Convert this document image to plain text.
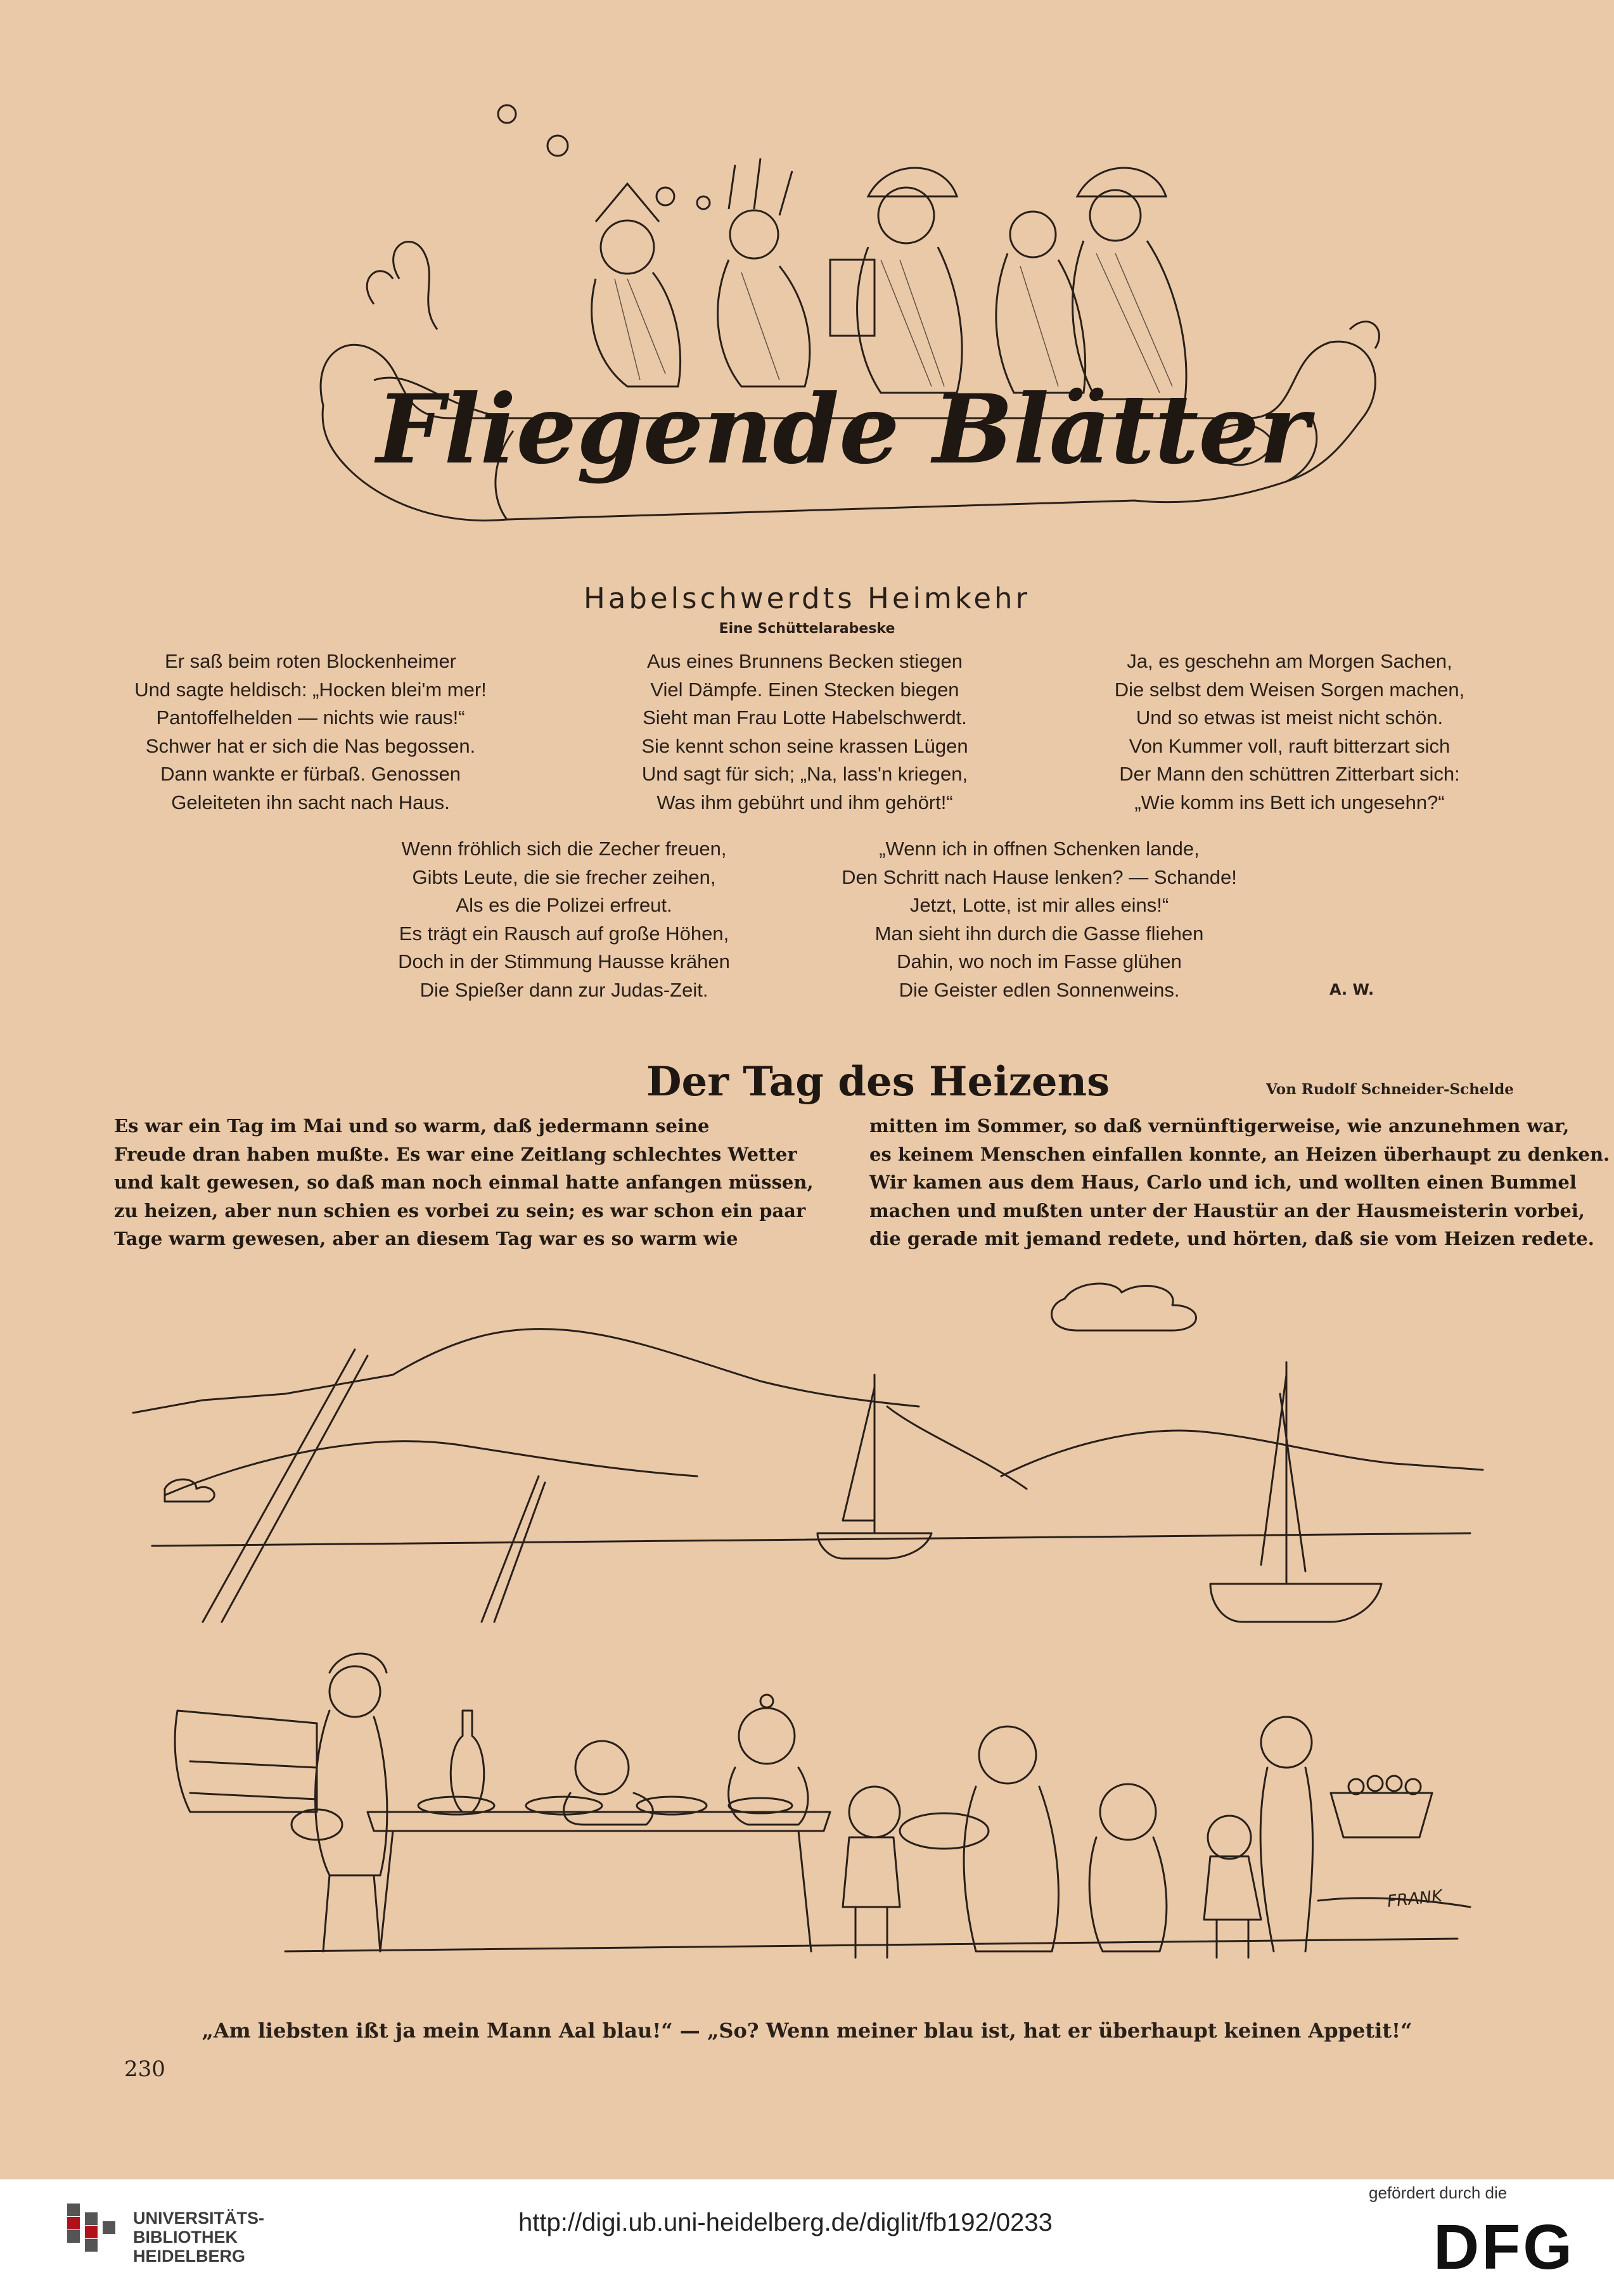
Fliegende Blätter
Habelschwerdts Heimkehr
Eine Schüttelarabeske
Er saß beim roten Blockenheimer
Und sagte heldisch: „Hocken blei'm mer!
Pantoffelhelden — nichts wie raus!“
Schwer hat er sich die Nas begossen.
Dann wankte er fürbaß. Genossen
Geleiteten ihn sacht nach Haus.
Aus eines Brunnens Becken stiegen
Viel Dämpfe. Einen Stecken biegen
Sieht man Frau Lotte Habelschwerdt.
Sie kennt schon seine krassen Lügen
Und sagt für sich; „Na, lass'n kriegen,
Was ihm gebührt und ihm gehört!“
Ja, es geschehn am Morgen Sachen,
Die selbst dem Weisen Sorgen machen,
Und so etwas ist meist nicht schön.
Von Kummer voll, rauft bitterzart sich
Der Mann den schüttren Zitterbart sich:
„Wie komm ins Bett ich ungesehn?“
Wenn fröhlich sich die Zecher freuen,
Gibts Leute, die sie frecher zeihen,
Als es die Polizei erfreut.
Es trägt ein Rausch auf große Höhen,
Doch in der Stimmung Hausse krähen
Die Spießer dann zur Judas-Zeit.
„Wenn ich in offnen Schenken lande,
Den Schritt nach Hause lenken? — Schande!
Jetzt, Lotte, ist mir alles eins!“
Man sieht ihn durch die Gasse fliehen
Dahin, wo noch im Fasse glühen
Die Geister edlen Sonnenweins.	A. W.
Der Tag des Heizens	Von Rudolf Schneider-Schelde
Es war ein Tag im Mai und so warm, daß jedermann seine
Freude dran haben mußte. Es war eine Zeitlang schlechtes Wetter
und kalt gewesen, so daß man noch einmal hatte anfangen müssen,
zu heizen, aber nun schien es vorbei zu sein; es war schon ein paar
Tage warm gewesen, aber an diesem Tag war es so warm wie
mitten im Sommer, so daß vernünftigerweise, wie anzunehmen war,
es keinem Menschen einfallen konnte, an Heizen überhaupt zu denken.
Wir kamen aus dem Haus, Carlo und ich, und wollten einen Bummel
machen und mußten unter der Haustür an der Hausmeisterin vorbei,
die gerade mit jemand redete, und hörten, daß sie vom Heizen redete.
FRANK
„Am liebsten ißt ja mein Mann Aal blau!“ — „So? Wenn meiner blau ist, hat er überhaupt keinen Appetit!“
230
UNIVERSITÄTS-
BIBLIOTHEK
HEIDELBERG
http://digi.ub.uni-heidelberg.de/diglit/fb192/0233
gefördert durch die
DFG
